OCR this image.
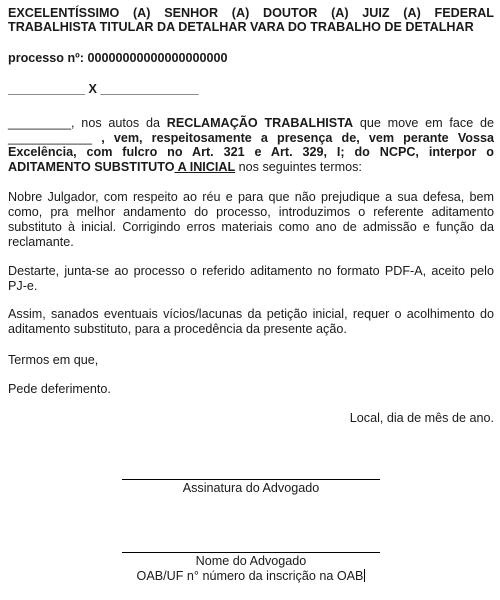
EXCELENTÍSSIMO (A) SENHOR (A) DOUTOR (A) JUIZ (A) FEDERAL TRABALHISTA TITULAR DA DETALHAR VARA DO TRABALHO DE DETALHAR

processo nº: 00000000000000000000

___________ X ______________

_________, nos autos da RECLAMAÇÃO TRABALHISTA que move em face de ____________ , vem, respeitosamente a presença de, vem perante Vossa Excelência, com fulcro no Art. 321 e Art. 329, I; do NCPC, interpor o ADITAMENTO SUBSTITUTO A INICIAL nos seguintes termos:

Nobre Julgador, com respeito ao réu e para que não prejudique a sua defesa, bem como, pra melhor andamento do processo, introduzimos o referente aditamento substituto à inicial. Corrigindo erros materiais como ano de admissão e função da reclamante.

Destarte, junta-se ao processo o referido aditamento no formato PDF-A, aceito pelo PJ-e.

Assim, sanados eventuais vícios/lacunas da petição inicial, requer o acolhimento do aditamento substituto, para a procedência da presente ação.

Termos em que,

Pede deferimento.

Local, dia de mês de ano.

Assinatura do Advogado

Nome do Advogado

OAB/UF n° número da inscrição na OAB
